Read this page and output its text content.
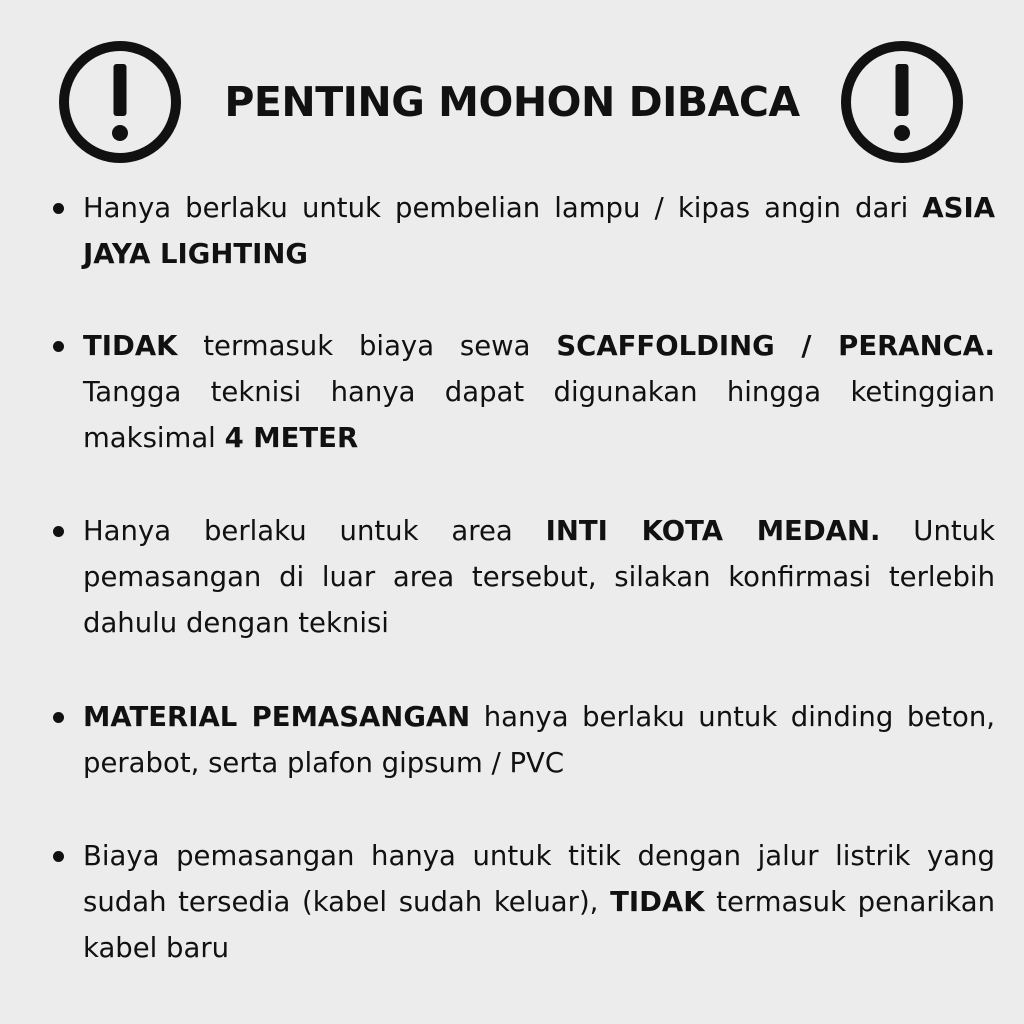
PENTING MOHON DIBACA
Hanya berlaku untuk pembelian lampu / kipas angin dari ASIA JAYA LIGHTING
TIDAK termasuk biaya sewa SCAFFOLDING / PERANCA. Tangga teknisi hanya dapat digunakan hingga ketinggian maksimal 4 METER
Hanya berlaku untuk area INTI KOTA MEDAN. Untuk pemasangan di luar area tersebut, silakan konfirmasi terlebih dahulu dengan teknisi
MATERIAL PEMASANGAN hanya berlaku untuk dinding beton, perabot, serta plafon gipsum / PVC
Biaya pemasangan hanya untuk titik dengan jalur listrik yang sudah tersedia (kabel sudah keluar), TIDAK termasuk penarikan kabel baru
